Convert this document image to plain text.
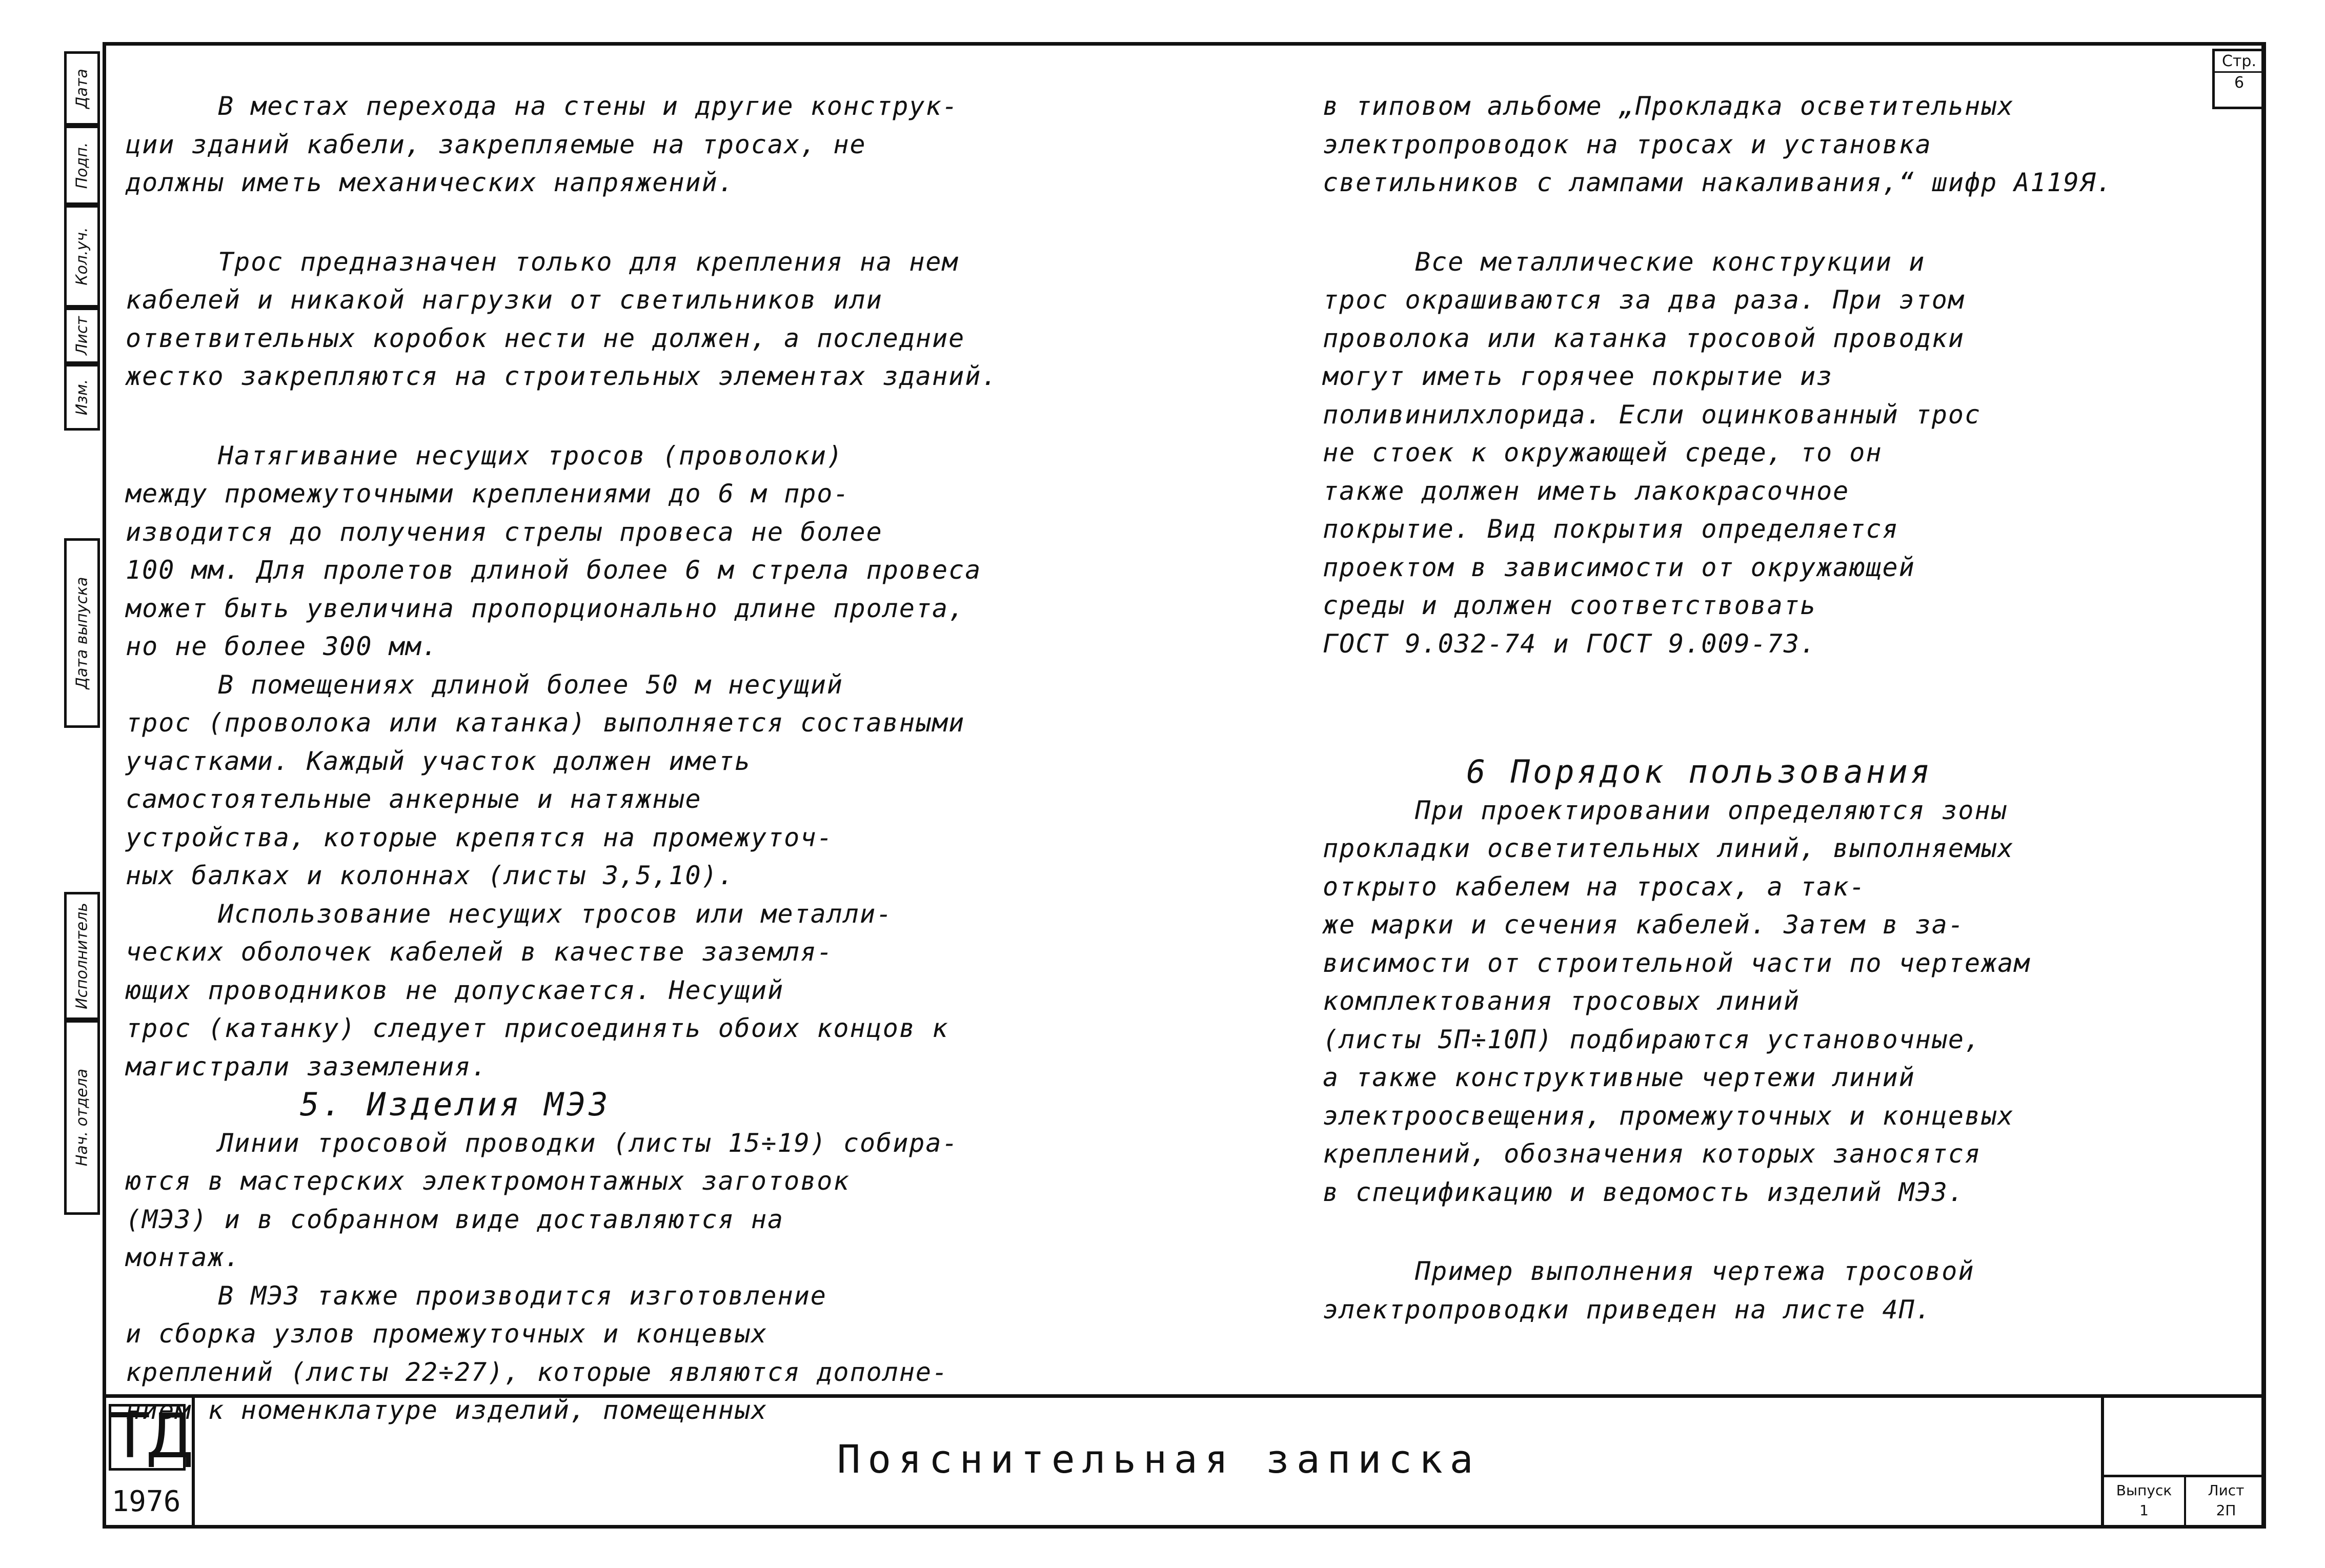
Дата
Подп.
Кол.уч.
Лист
Изм.
Дата выпуска
Нач. отдела
Исполнитель
Стр.
6
В местах перехода на стены и другие конструк-
ции зданий кабели, закрепляемые на тросах, не
должны иметь механических напряжений.
Трос предназначен только для крепления на нем
кабелей и никакой нагрузки от светильников или
ответвительных коробок нести не должен, а последние
жестко закрепляются на строительных элементах зданий.
Натягивание несущих тросов (проволоки)
между промежуточными креплениями до 6 м про-
изводится до получения стрелы провеса не более
100 мм. Для пролетов длиной более 6 м стрела провеса
может быть увеличина пропорционально длине пролета,
но не более 300 мм.
В помещениях длиной более 50 м несущий
трос (проволока или катанка) выполняется составными
участками. Каждый участок должен иметь
самостоятельные анкерные и натяжные
устройства, которые крепятся на промежуточ-
ных балках и колоннах (листы 3,5,10).
Использование несущих тросов или металли-
ческих оболочек кабелей в качестве заземля-
ющих проводников не допускается. Несущий
трос (катанку) следует присоединять обоих концов к
магистрали заземления.
5. Изделия МЭЗ
Линии тросовой проводки (листы 15÷19) собира-
ются в мастерских электромонтажных заготовок
(МЭЗ) и в собранном виде доставляются на
монтаж.
В МЭЗ также производится изготовление
и сборка узлов промежуточных и концевых
креплений (листы 22÷27), которые являются дополне-
нием к номенклатуре изделий, помещенных
в типовом альбоме „Прокладка осветительных
электропроводок на тросах и установка
светильников с лампами накаливания,“ шифр А119Я.
Все металлические конструкции и
трос окрашиваются за два раза. При этом
проволока или катанка тросовой проводки
могут иметь горячее покрытие из
поливинилхлорида. Если оцинкованный трос
не стоек к окружающей среде, то он
также должен иметь лакокрасочное
покрытие. Вид покрытия определяется
проектом в зависимости от окружающей
среды и должен соответствовать
ГОСТ 9.032-74 и ГОСТ 9.009-73.
6 Порядок пользования
При проектировании определяются зоны
прокладки осветительных линий, выполняемых
открыто кабелем на тросах, а так-
же марки и сечения кабелей. Затем в за-
висимости от строительной части по чертежам
комплектования тросовых линий
(листы 5П÷10П) подбираются установочные,
а также конструктивные чертежи линий
электроосвещения, промежуточных и концевых
креплений, обозначения которых заносятся
в спецификацию и ведомость изделий МЭЗ.
Пример выполнения чертежа тросовой
электропроводки приведен на листе 4П.
ТД
1976
Пояснительная записка
Выпуск
1
Лист
2П
